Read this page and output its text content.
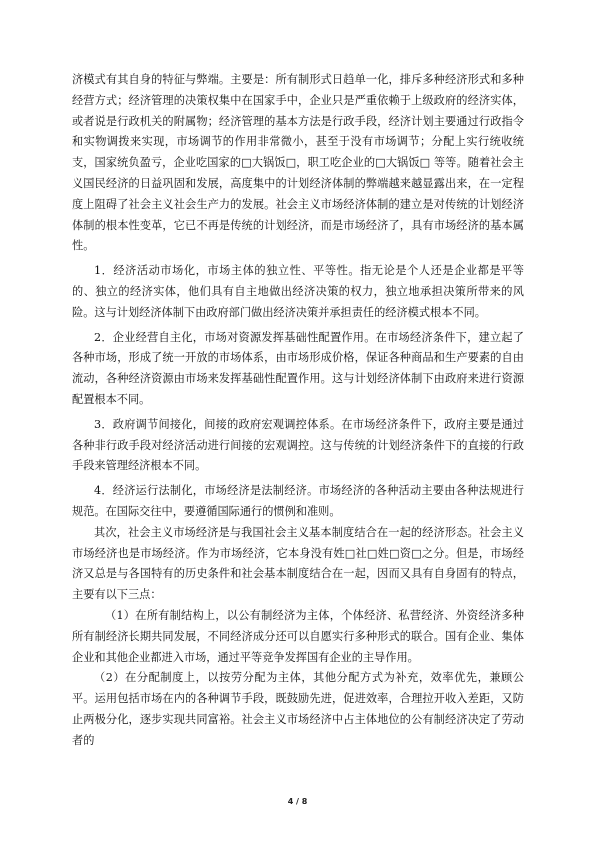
济模式有其自身的特征与弊端。主要是：所有制形式日趋单一化，排斥多种经济形式和多种经营方式；经济管理的决策权集中在国家手中，企业只是严重依赖于上级政府的经济实体，或者说是行政机关的附属物；经济管理的基本方法是行政手段，经济计划主要通过行政指令和实物调拨来实现，市场调节的作用非常微小，甚至于没有市场调节；分配上实行统收统支，国家统负盈亏，企业吃国家的□大锅饭□，职工吃企业的□大锅饭□ 等等。随着社会主义国民经济的日益巩固和发展，高度集中的计划经济体制的弊端越来越显露出来，在一定程度上阻碍了社会主义社会生产力的发展。社会主义市场经济体制的建立是对传统的计划经济体制的根本性变革，它已不再是传统的计划经济，而是市场经济了，具有市场经济的基本属性。

1．经济活动市场化，市场主体的独立性、平等性。指无论是个人还是企业都是平等的、独立的经济实体，他们具有自主地做出经济决策的权力，独立地承担决策所带来的风险。这与计划经济体制下由政府部门做出经济决策并承担责任的经济模式根本不同。

2．企业经营自主化，市场对资源发挥基础性配置作用。在市场经济条件下，建立起了各种市场，形成了统一开放的市场体系，由市场形成价格，保证各种商品和生产要素的自由流动，各种经济资源由市场来发挥基础性配置作用。这与计划经济体制下由政府来进行资源配置根本不同。

3．政府调节间接化，间接的政府宏观调控体系。在市场经济条件下，政府主要是通过各种非行政手段对经济活动进行间接的宏观调控。这与传统的计划经济条件下的直接的行政手段来管理经济根本不同。

4．经济运行法制化，市场经济是法制经济。市场经济的各种活动主要由各种法规进行规范。在国际交往中，要遵循国际通行的惯例和准则。

其次，社会主义市场经济是与我国社会主义基本制度结合在一起的经济形态。社会主义市场经济也是市场经济。作为市场经济，它本身没有姓□社□姓□资□之分。但是，市场经济又总是与各国特有的历史条件和社会基本制度结合在一起，因而又具有自身固有的特点，主要有以下三点：

（1）在所有制结构上，以公有制经济为主体，个体经济、私营经济、外资经济多种所有制经济长期共同发展，不同经济成分还可以自愿实行多种形式的联合。国有企业、集体企业和其他企业都进入市场，通过平等竞争发挥国有企业的主导作用。

（2）在分配制度上，以按劳分配为主体，其他分配方式为补充，效率优先，兼顾公平。运用包括市场在内的各种调节手段，既鼓励先进，促进效率，合理拉开收入差距，又防止两极分化，逐步实现共同富裕。社会主义市场经济中占主体地位的公有制经济决定了劳动者的

4 / 8
